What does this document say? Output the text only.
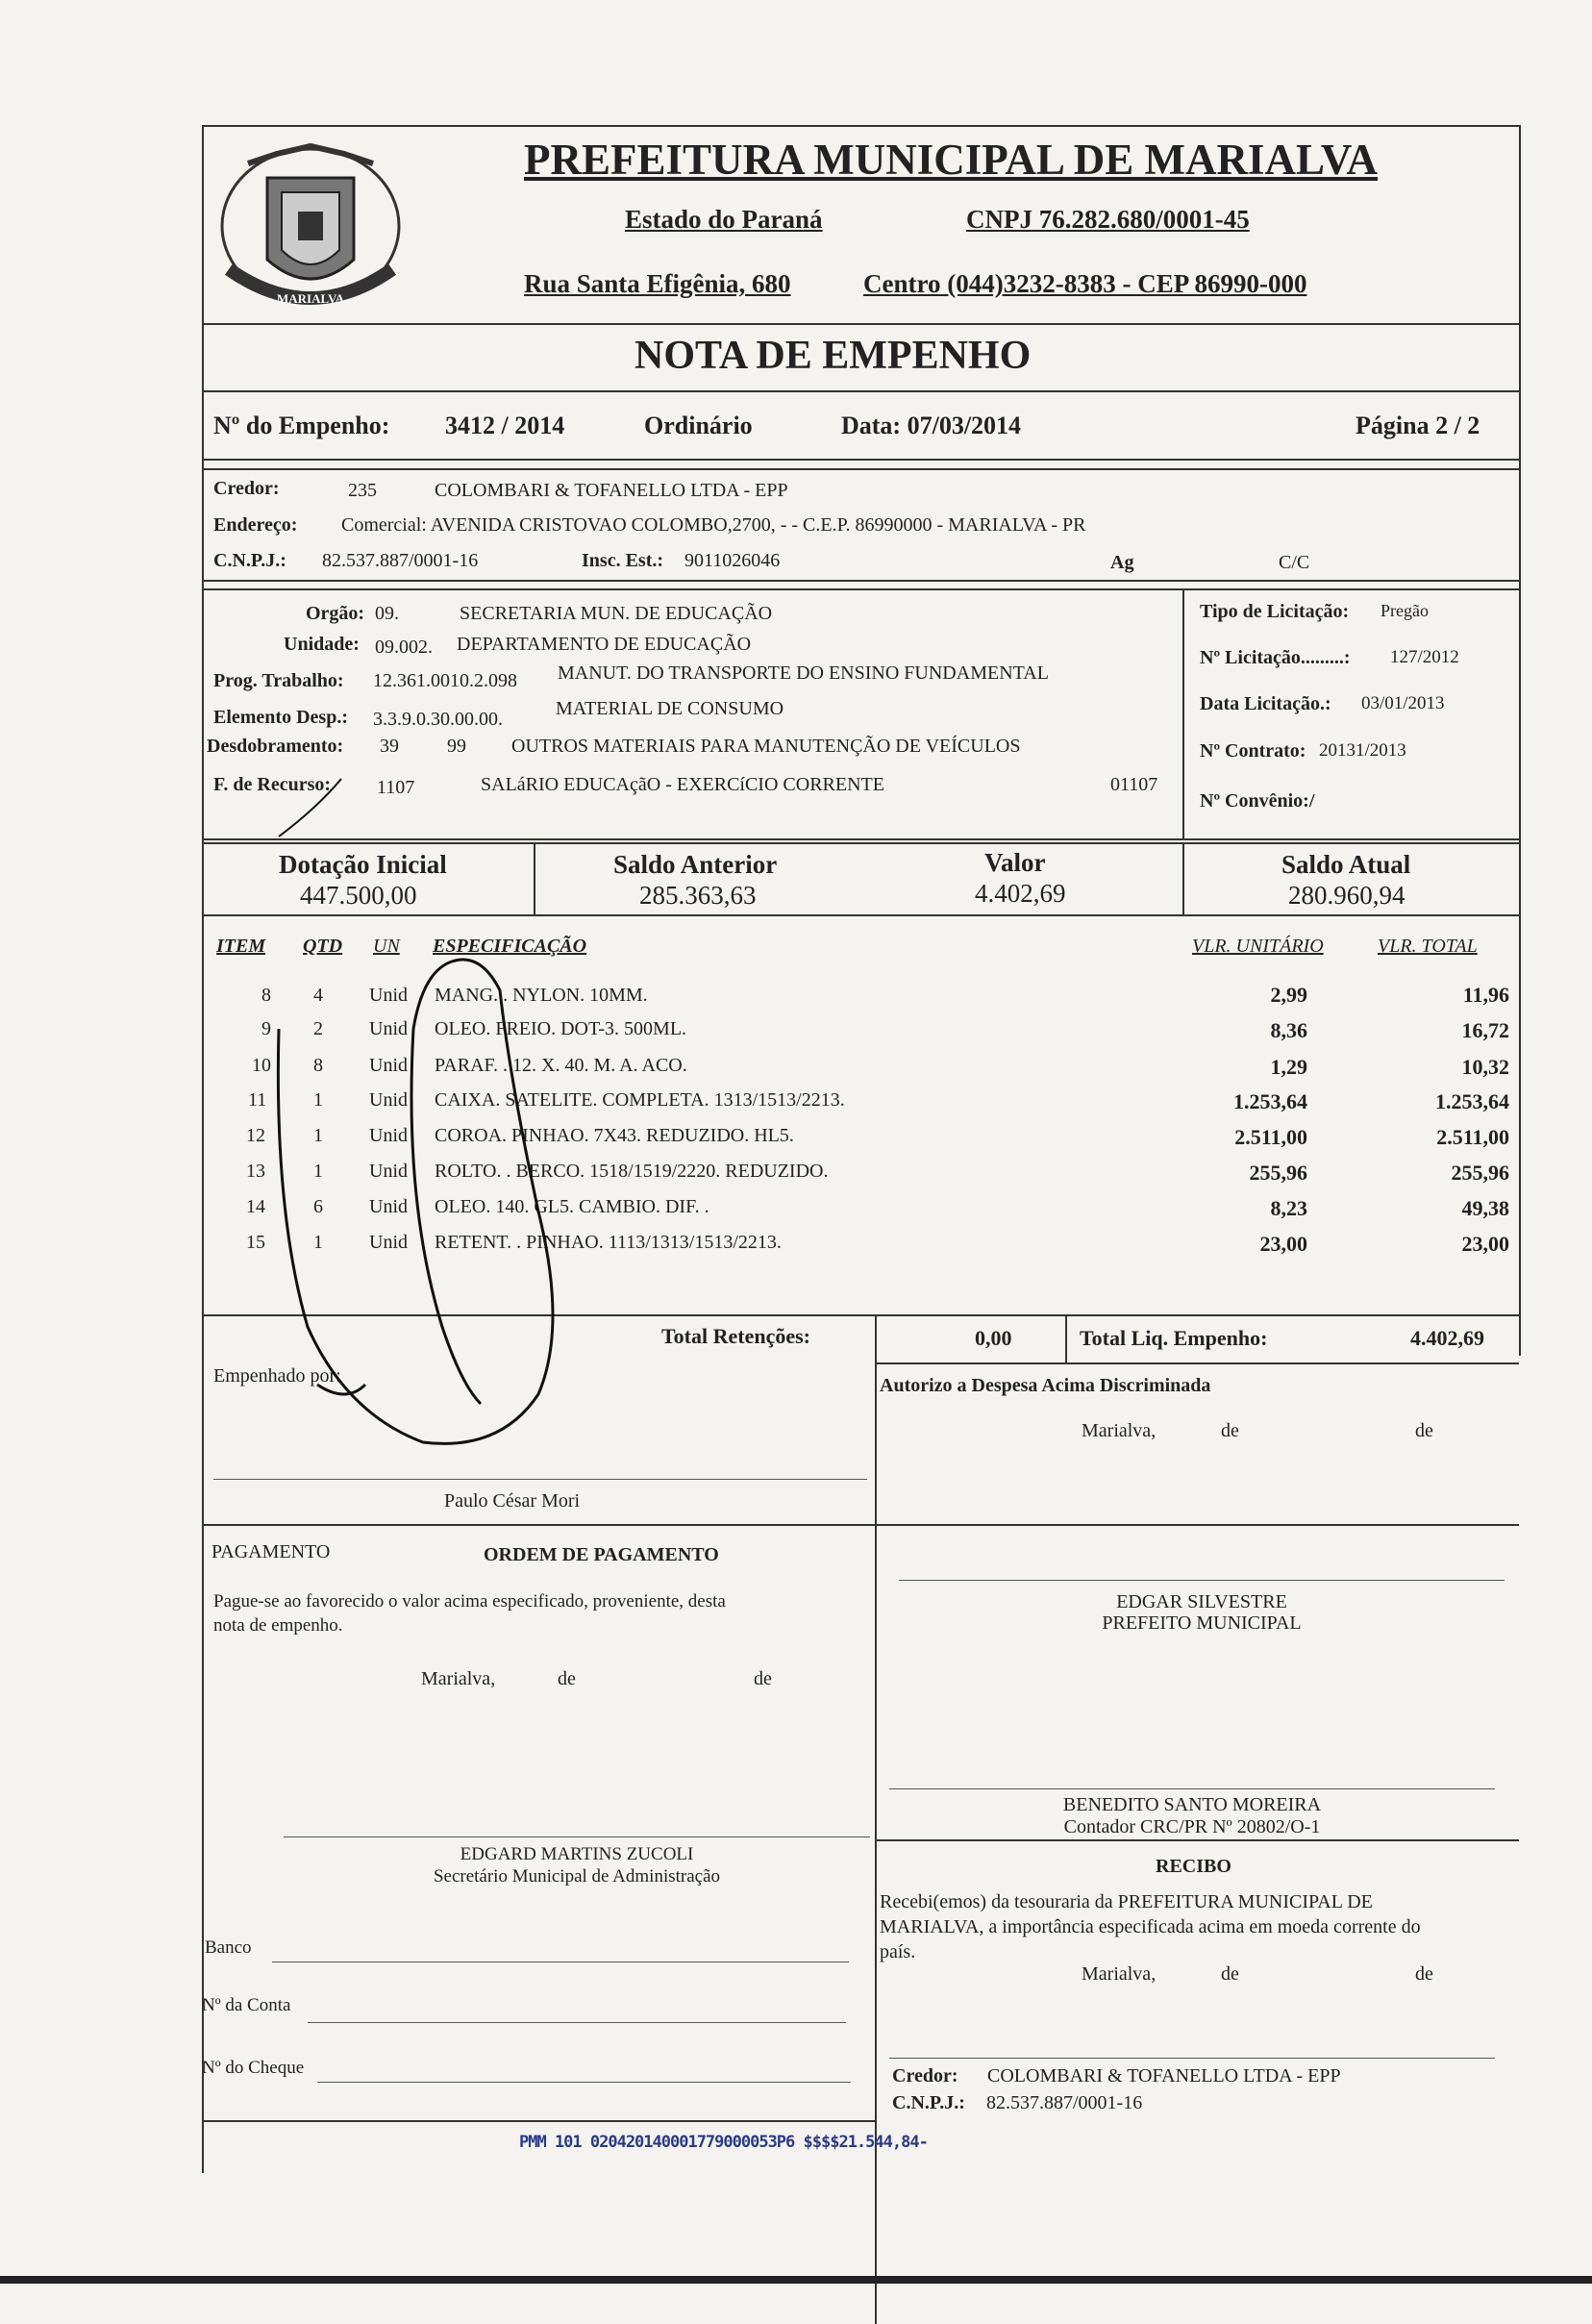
MARIALVA
PREFEITURA MUNICIPAL DE MARIALVA
Estado do Paraná	CNPJ 76.282.680/0001-45
Rua Santa Efigênia, 680	Centro (044)3232-8383 - CEP 86990-000
NOTA DE EMPENHO
Nº do Empenho: 3412 / 2014	Ordinário	Data: 07/03/2014	Página 2 / 2
Credor:	235	COLOMBARI & TOFANELLO LTDA - EPP
Endereço: Comercial: AVENIDA CRISTOVAO COLOMBO,2700, - - C.E.P. 86990000 - MARIALVA - PR
C.N.P.J.: 82.537.887/0001-16	Insc. Est.: 9011026046	Ag	C/C
Orgão: 09.	SECRETARIA MUN. DE EDUCAÇÃO
Unidade: 09.002. DEPARTAMENTO DE EDUCAÇÃO
Prog. Trabalho: 12.361.0010.2.098 MANUT. DO TRANSPORTE DO ENSINO FUNDAMENTAL
Elemento Desp.: 3.3.9.0.30.00.00.	MATERIAL DE CONSUMO
Desdobramento: 39	99 OUTROS MATERIAIS PARA MANUTENÇÃO DE VEÍCULOS
F. de Recurso: 1107	SALáRIO EDUCAçãO - EXERCíCIO CORRENTE	01107
Tipo de Licitação: Pregão
Nº Licitação.........: 127/2012
Data Licitação.: 03/01/2013
Nº Contrato: 20131/2013
Nº Convênio:/
Dotação Inicial
447.500,00
Saldo Anterior
285.363,63
Valor
4.402,69
Saldo Atual
280.960,94
ITEM QTD UN ESPECIFICAÇÃO	VLR. UNITÁRIO	VLR. TOTAL
8 4 Unid MANG. . NYLON. 10MM.	2,99	11,96
9 2 Unid OLEO. FREIO. DOT-3. 500ML.	8,36	16,72
10 8 Unid PARAF. . 12. X. 40. M. A. ACO.	1,29	10,32
11 1 Unid CAIXA. SATELITE. COMPLETA. 1313/1513/2213.	1.253,64	1.253,64
12	1 Unid COROA. PINHAO. 7X43. REDUZIDO. HL5.	2.511,00	2.511,00
13	1 Unid ROLTO. . BERCO. 1518/1519/2220. REDUZIDO.	255,96	255,96
14	6 Unid OLEO. 140. GL5. CAMBIO. DIF. .	8,23	49,38
15	1 Unid RETENT. . PINHAO. 1113/1313/1513/2213.	23,00	23,00
Total Retenções:	0,00	Total Liq. Empenho:	4.402,69
Empenhado por:	Autorizo a Despesa Acima Discriminada
Marialva,	de	de
Paulo César Mori
PAGAMENTO	ORDEM DE PAGAMENTO
Pague-se ao favorecido o valor acima especificado, proveniente, desta
nota de empenho.
Marialva,	de	de
EDGAR SILVESTRE
PREFEITO MUNICIPAL
BENEDITO SANTO MOREIRA
Contador CRC/PR Nº 20802/O-1
EDGARD MARTINS ZUCOLI
Secretário Municipal de Administração	RECIBO
Recebi(emos) da tesouraria da PREFEITURA MUNICIPAL DE
MARIALVA, a importância especificada acima em moeda corrente do
país.
Marialva,	de	de
Credor: COLOMBARI & TOFANELLO LTDA - EPP
C.N.P.J.: 82.537.887/0001-16
Banco
Nº da Conta
Nº do Cheque
PMM 101 020420140001779000053P6 $$$$21.544,84-
